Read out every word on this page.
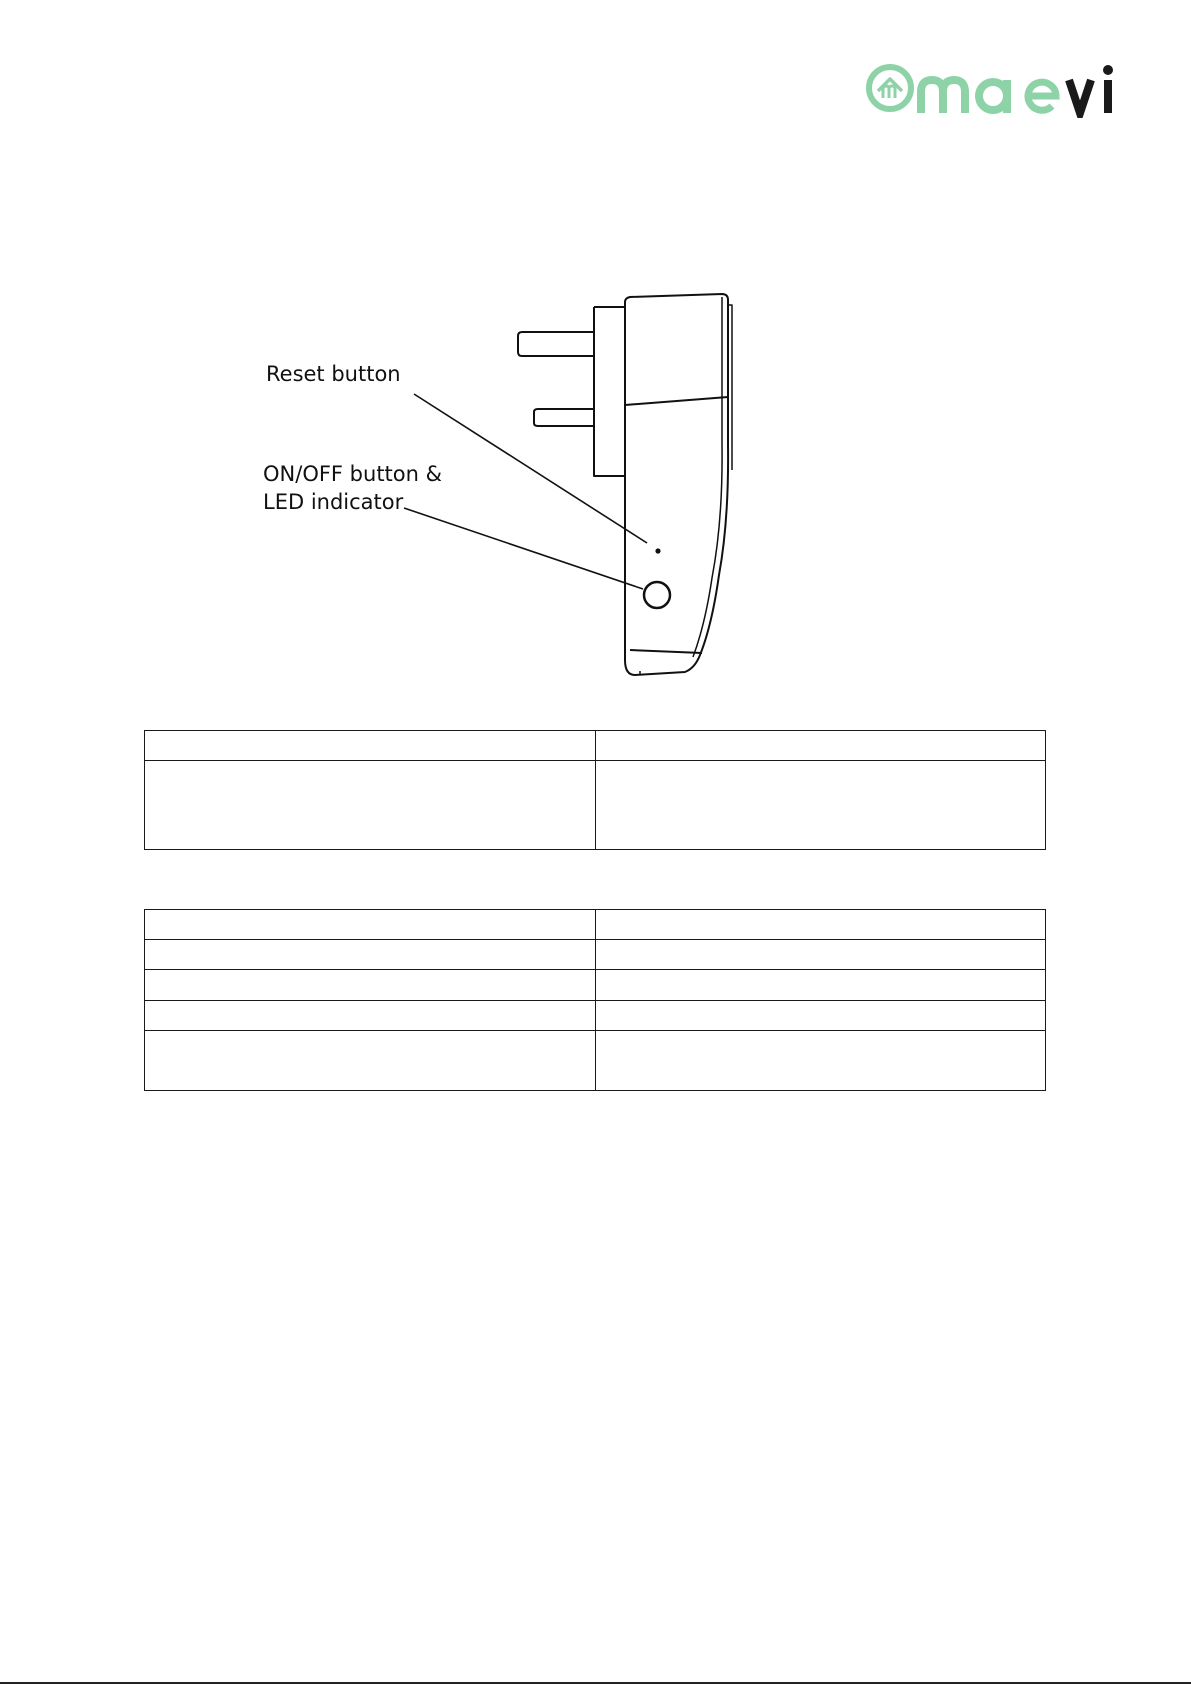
Reset button
ON/OFF button &
LED indicator
